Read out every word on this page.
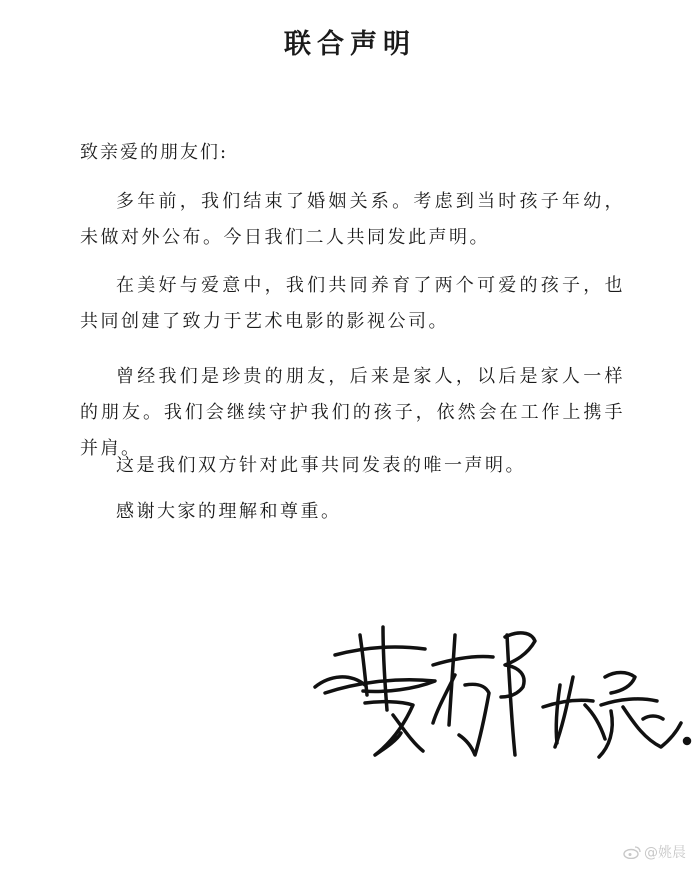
联合声明
致亲爱的朋友们:
多年前，我们结束了婚姻关系。考虑到当时孩子年幼，未做对外公布。今日我们二人共同发此声明。
在美好与爱意中，我们共同养育了两个可爱的孩子，也共同创建了致力于艺术电影的影视公司。
曾经我们是珍贵的朋友，后来是家人，以后是家人一样的朋友。我们会继续守护我们的孩子，依然会在工作上携手并肩。
这是我们双方针对此事共同发表的唯一声明。
感谢大家的理解和尊重。
@姚晨
